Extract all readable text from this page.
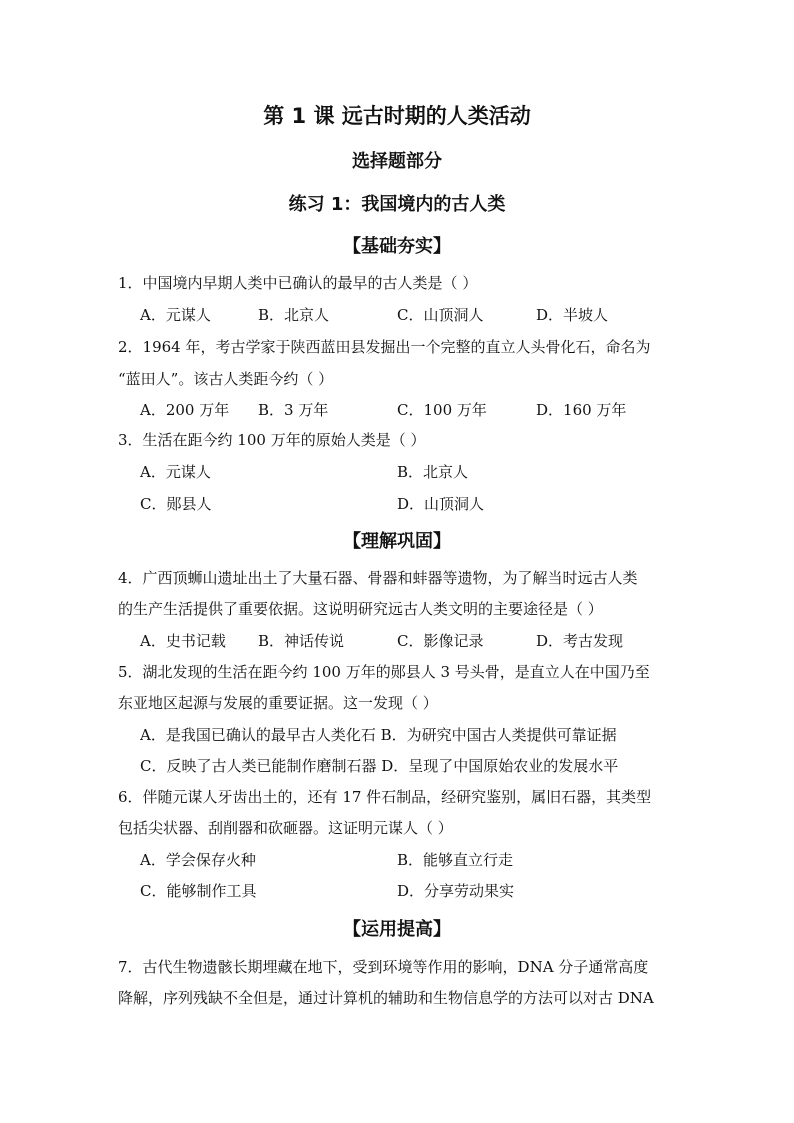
第 1 课 远古时期的人类活动
选择题部分
练习 1：我国境内的古人类
【基础夯实】
1．中国境内早期人类中已确认的最早的古人类是（ ）
A．元谋人	B．北京人	C．山顶洞人	D．半坡人
2．1964 年，考古学家于陕西蓝田县发掘出一个完整的直立人头骨化石，命名为
“蓝田人”。该古人类距今约（ ）
A．200 万年 B．3 万年	C．100 万年	D．160 万年
3．生活在距今约 100 万年的原始人类是（ ）
A．元谋人	B．北京人
C．郧县人	D．山顶洞人
【理解巩固】
4．广西顶蛳山遗址出土了大量石器、骨器和蚌器等遗物，为了解当时远古人类
的生产生活提供了重要依据。这说明研究远古人类文明的主要途径是（ ）
A．史书记载 B．神话传说	C．影像记录	D．考古发现
5．湖北发现的生活在距今约 100 万年的郧县人 3 号头骨，是直立人在中国乃至
东亚地区起源与发展的重要证据。这一发现（ ）
A．是我国已确认的最早古人类化石 B．为研究中国古人类提供可靠证据
C．反映了古人类已能制作磨制石器 D．呈现了中国原始农业的发展水平
6．伴随元谋人牙齿出土的，还有 17 件石制品，经研究鉴别，属旧石器，其类型
包括尖状器、刮削器和砍砸器。这证明元谋人（ ）
A．学会保存火种	B．能够直立行走
C．能够制作工具	D．分享劳动果实
【运用提高】
7．古代生物遗骸长期埋藏在地下，受到环境等作用的影响，DNA 分子通常高度
降解，序列残缺不全但是，通过计算机的辅助和生物信息学的方法可以对古 DNA
